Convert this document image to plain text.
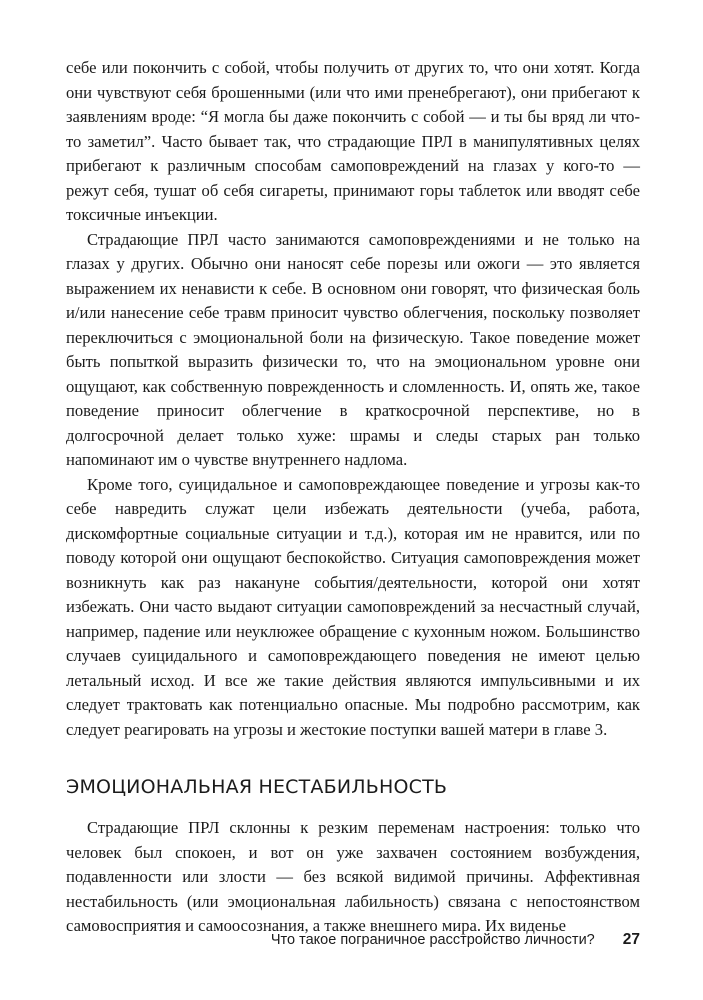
себе или покончить с собой, чтобы получить от других то, что они хотят. Когда они чувствуют себя брошенными (или что ими пренебрегают), они прибегают к заявлениям вроде: “Я могла бы даже покончить с собой — и ты бы вряд ли что-то заметил”. Часто бывает так, что страдающие ПРЛ в манипулятивных целях прибегают к различным способам самоповреждений на глазах у кого-то — режут себя, тушат об себя сигареты, принимают горы таблеток или вводят себе токсичные инъекции.

Страдающие ПРЛ часто занимаются самоповреждениями и не только на глазах у других. Обычно они наносят себе порезы или ожоги — это является выражением их ненависти к себе. В основном они говорят, что физическая боль и/или нанесение себе травм приносит чувство облегчения, поскольку позволяет переключиться с эмоциональной боли на физическую. Такое поведение может быть попыткой выразить физически то, что на эмоциональном уровне они ощущают, как собственную поврежденность и сломленность. И, опять же, такое поведение приносит облегчение в краткосрочной перспективе, но в долгосрочной делает только хуже: шрамы и следы старых ран только напоминают им о чувстве внутреннего надлома.

Кроме того, суицидальное и самоповреждающее поведение и угрозы как-то себе навредить служат цели избежать деятельности (учеба, работа, дискомфортные социальные ситуации и т.д.), которая им не нравится, или по поводу которой они ощущают беспокойство. Ситуация самоповреждения может возникнуть как раз накануне события/деятельности, которой они хотят избежать. Они часто выдают ситуации самоповреждений за несчастный случай, например, падение или неуклюжее обращение с кухонным ножом. Большинство случаев суицидального и самоповреждающего поведения не имеют целью летальный исход. И все же такие действия являются импульсивными и их следует трактовать как потенциально опасные. Мы подробно рассмотрим, как следует реагировать на угрозы и жестокие поступки вашей матери в главе 3.

ЭМОЦИОНАЛЬНАЯ НЕСТАБИЛЬНОСТЬ

Страдающие ПРЛ склонны к резким переменам настроения: только что человек был спокоен, и вот он уже захвачен состоянием возбуждения, подавленности или злости — без всякой видимой причины. Аффективная нестабильность (или эмоциональная лабильность) связана с непостоянством самовосприятия и самоосознания, а также внешнего мира. Их виденье

Что такое пограничное расстройство личности? 27
